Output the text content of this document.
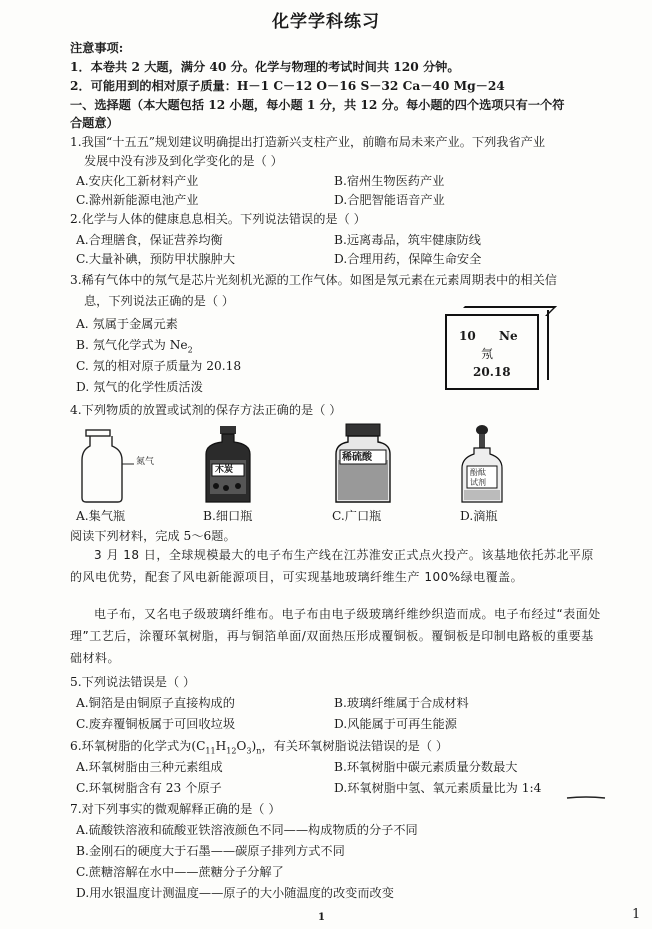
化学学科练习
注意事项:
1．本卷共 2 大题，满分 40 分。化学与物理的考试时间共 120 分钟。
2．可能用到的相对原子质量：H－1 C－12 O－16 S－32 Ca－40 Mg－24
一、选择题（本大题包括 12 小题，每小题 1 分，共 12 分。每小题的四个选项只有一个符
合题意）
1.我国“十五五”规划建议明确提出打造新兴支柱产业，前瞻布局未来产业。下列我省产业
发展中没有涉及到化学变化的是（ ）
A.安庆化工新材料产业	B.宿州生物医药产业
C.滁州新能源电池产业	D.合肥智能语音产业
2.化学与人体的健康息息相关。下列说法错误的是（ ）
A.合理膳食，保证营养均衡	B.远离毒品，筑牢健康防线
C.大量补碘，预防甲状腺肿大	D.合理用药，保障生命安全
3.稀有气体中的氖气是芯片光刻机光源的工作气体。如图是氖元素在元素周期表中的相关信
息，下列说法正确的是（ ）
A. 氖属于金属元素
B. 氖气化学式为 $Ne_2$
C. 氖的相对原子质量为 20.18
D. 氖气的化学性质活泼
10 Ne
氖
20.18
4.下列物质的放置或试剂的保存方法正确的是（ ）
氮气
木炭
稀硫酸
酚酞
试剂
A.集气瓶	B.细口瓶	C.广口瓶	D.滴瓶
阅读下列材料，完成 5～6题。
3 月 18 日，全球规模最大的电子布生产线在江苏淮安正式点火投产。该基地依托苏北平原的风电优势，配套了风电新能源项目，可实现基地玻璃纤维生产 100%绿电覆盖。
电子布，又名电子级玻璃纤维布。电子布由电子级玻璃纤维纱织造而成。电子布经过“表面处理”工艺后，涂覆环氧树脂，再与铜箔单面/双面热压形成覆铜板。覆铜板是印制电路板的重要基础材料。
5.下列说法错误是（ ）
A.铜箔是由铜原子直接构成的	B.玻璃纤维属于合成材料
C.废弃覆铜板属于可回收垃圾	D.风能属于可再生能源
6.环氧树脂的化学式为$(C_{11}H_{12}O_3)_n$，有关环氧树脂说法错误的是（ ）
A.环氧树脂由三种元素组成	B.环氧树脂中碳元素质量分数最大
C.环氧树脂含有 23 个原子	D.环氧树脂中氢、氧元素质量比为 1:4
7.对下列事实的微观解释正确的是（ ）
A.硫酸铁溶液和硫酸亚铁溶液颜色不同——构成物质的分子不同
B.金刚石的硬度大于石墨——碳原子排列方式不同
C.蔗糖溶解在水中——蔗糖分子分解了
D.用水银温度计测温度——原子的大小随温度的改变而改变
1	1
